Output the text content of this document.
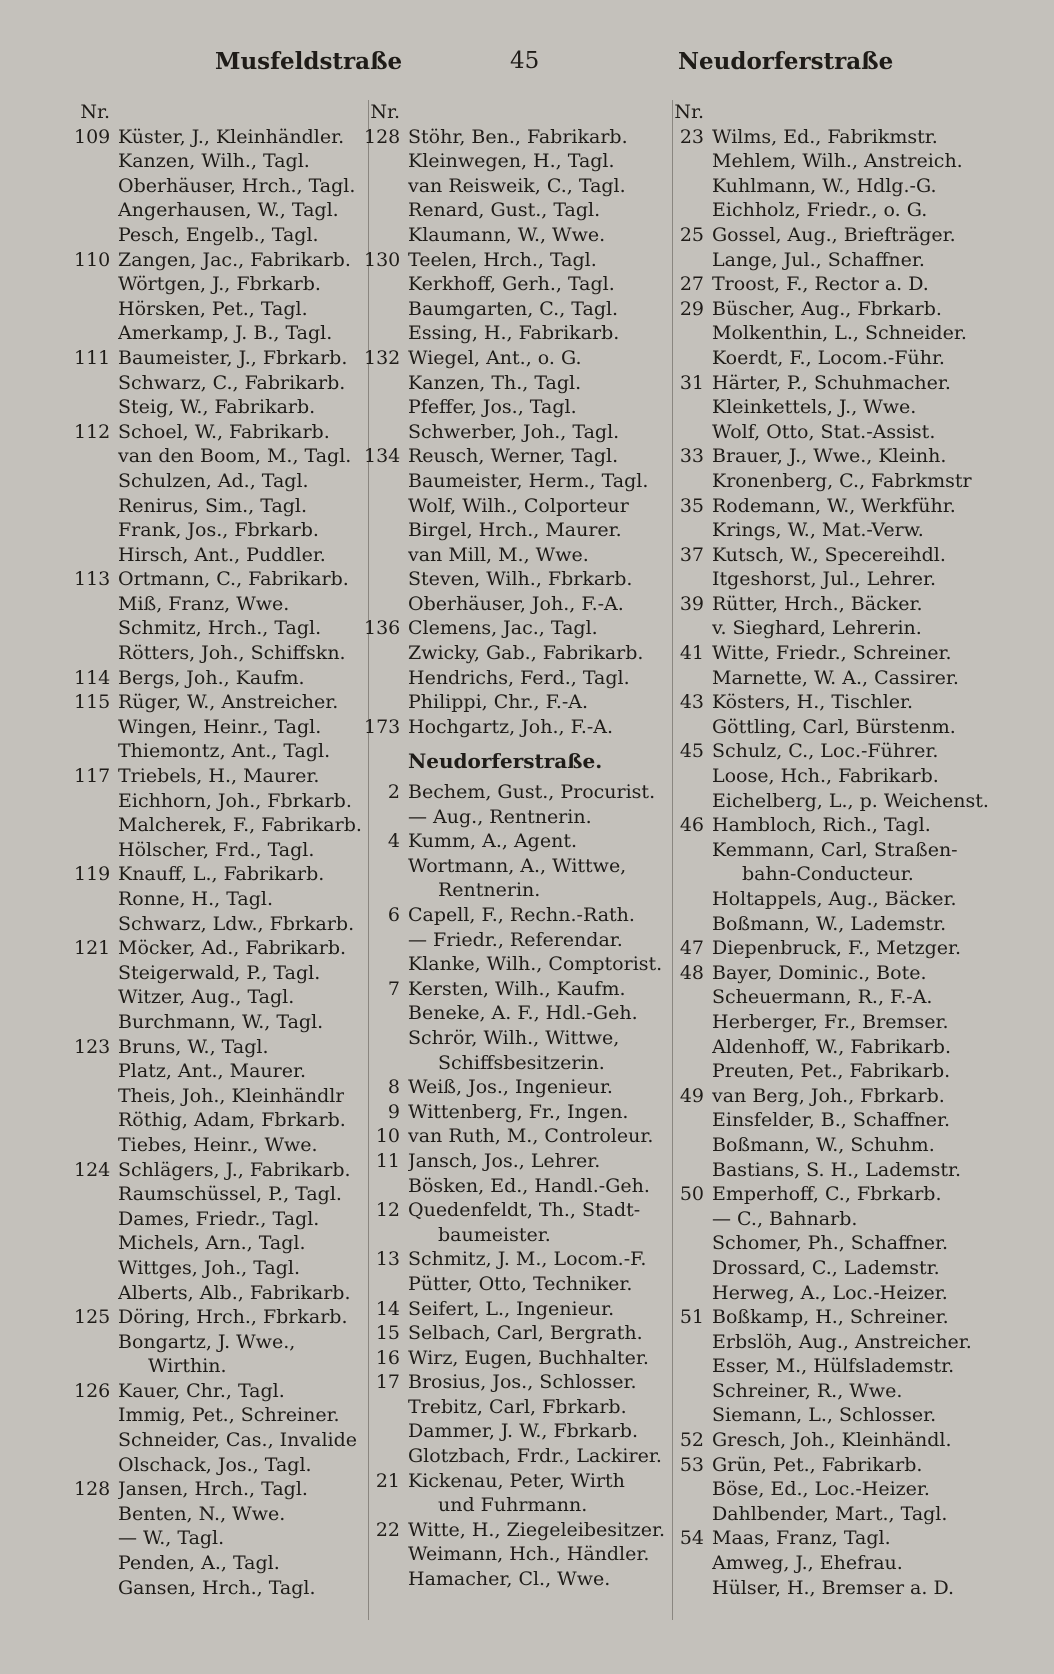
Musfeldstraße	45	Neudorferstraße
Nr.
109 Küster, J., Kleinhändler.
Kanzen, Wilh., Tagl.
Oberhäuser, Hrch., Tagl.
Angerhausen, W., Tagl.
Pesch, Engelb., Tagl.
110 Zangen, Jac., Fabrikarb.
Wörtgen, J., Fbrkarb.
Hörsken, Pet., Tagl.
Amerkamp, J. B., Tagl.
111 Baumeister, J., Fbrkarb.
Schwarz, C., Fabrikarb.
Steig, W., Fabrikarb.
112 Schoel, W., Fabrikarb.
van den Boom, M., Tagl.
Schulzen, Ad., Tagl.
Renirus, Sim., Tagl.
Frank, Jos., Fbrkarb.
Hirsch, Ant., Puddler.
113 Ortmann, C., Fabrikarb.
Miß, Franz, Wwe.
Schmitz, Hrch., Tagl.
Rötters, Joh., Schiffskn.
114 Bergs, Joh., Kaufm.
115 Rüger, W., Anstreicher.
Wingen, Heinr., Tagl.
Thiemontz, Ant., Tagl.
117 Triebels, H., Maurer.
Eichhorn, Joh., Fbrkarb.
Malcherek, F., Fabrikarb.
Hölscher, Frd., Tagl.
119 Knauff, L., Fabrikarb.
Ronne, H., Tagl.
Schwarz, Ldw., Fbrkarb.
121 Möcker, Ad., Fabrikarb.
Steigerwald, P., Tagl.
Witzer, Aug., Tagl.
Burchmann, W., Tagl.
123 Bruns, W., Tagl.
Platz, Ant., Maurer.
Theis, Joh., Kleinhändlr
Röthig, Adam, Fbrkarb.
Tiebes, Heinr., Wwe.
124 Schlägers, J., Fabrikarb.
Raumschüssel, P., Tagl.
Dames, Friedr., Tagl.
Michels, Arn., Tagl.
Wittges, Joh., Tagl.
Alberts, Alb., Fabrikarb.
125 Döring, Hrch., Fbrkarb.
Bongartz, J. Wwe.,
Wirthin.
126 Kauer, Chr., Tagl.
Immig, Pet., Schreiner.
Schneider, Cas., Invalide
Olschack, Jos., Tagl.
128 Jansen, Hrch., Tagl.
Benten, N., Wwe.
— W., Tagl.
Penden, A., Tagl.
Gansen, Hrch., Tagl.
Nr.
128 Stöhr, Ben., Fabrikarb.
Kleinwegen, H., Tagl.
van Reisweik, C., Tagl.
Renard, Gust., Tagl.
Klaumann, W., Wwe.
130 Teelen, Hrch., Tagl.
Kerkhoff, Gerh., Tagl.
Baumgarten, C., Tagl.
Essing, H., Fabrikarb.
132 Wiegel, Ant., o. G.
Kanzen, Th., Tagl.
Pfeffer, Jos., Tagl.
Schwerber, Joh., Tagl.
134 Reusch, Werner, Tagl.
Baumeister, Herm., Tagl.
Wolf, Wilh., Colporteur
Birgel, Hrch., Maurer.
van Mill, M., Wwe.
Steven, Wilh., Fbrkarb.
Oberhäuser, Joh., F.-A.
136 Clemens, Jac., Tagl.
Zwicky, Gab., Fabrikarb.
Hendrichs, Ferd., Tagl.
Philippi, Chr., F.-A.
173 Hochgartz, Joh., F.-A.
Neudorferstraße.
2 Bechem, Gust., Procurist.
— Aug., Rentnerin.
4 Kumm, A., Agent.
Wortmann, A., Wittwe,
Rentnerin.
6 Capell, F., Rechn.-Rath.
— Friedr., Referendar.
Klanke, Wilh., Comptorist.
7 Kersten, Wilh., Kaufm.
Beneke, A. F., Hdl.-Geh.
Schrör, Wilh., Wittwe,
Schiffsbesitzerin.
8 Weiß, Jos., Ingenieur.
9 Wittenberg, Fr., Ingen.
10 van Ruth, M., Controleur.
11 Jansch, Jos., Lehrer.
Bösken, Ed., Handl.-Geh.
12 Quedenfeldt, Th., Stadt-
baumeister.
13 Schmitz, J. M., Locom.-F.
Pütter, Otto, Techniker.
14 Seifert, L., Ingenieur.
15 Selbach, Carl, Bergrath.
16 Wirz, Eugen, Buchhalter.
17 Brosius, Jos., Schlosser.
Trebitz, Carl, Fbrkarb.
Dammer, J. W., Fbrkarb.
Glotzbach, Frdr., Lackirer.
21 Kickenau, Peter, Wirth
und Fuhrmann.
22 Witte, H., Ziegeleibesitzer.
Weimann, Hch., Händler.
Hamacher, Cl., Wwe.
Nr.
23 Wilms, Ed., Fabrikmstr.
Mehlem, Wilh., Anstreich.
Kuhlmann, W., Hdlg.-G.
Eichholz, Friedr., o. G.
25 Gossel, Aug., Briefträger.
Lange, Jul., Schaffner.
27 Troost, F., Rector a. D.
29 Büscher, Aug., Fbrkarb.
Molkenthin, L., Schneider.
Koerdt, F., Locom.-Führ.
31 Härter, P., Schuhmacher.
Kleinkettels, J., Wwe.
Wolf, Otto, Stat.-Assist.
33 Brauer, J., Wwe., Kleinh.
Kronenberg, C., Fabrkmstr
35 Rodemann, W., Werkführ.
Krings, W., Mat.-Verw.
37 Kutsch, W., Specereihdl.
Itgeshorst, Jul., Lehrer.
39 Rütter, Hrch., Bäcker.
v. Sieghard, Lehrerin.
41 Witte, Friedr., Schreiner.
Marnette, W. A., Cassirer.
43 Kösters, H., Tischler.
Göttling, Carl, Bürstenm.
45 Schulz, C., Loc.-Führer.
Loose, Hch., Fabrikarb.
Eichelberg, L., p. Weichenst.
46 Hambloch, Rich., Tagl.
Kemmann, Carl, Straßen-
bahn-Conducteur.
Holtappels, Aug., Bäcker.
Boßmann, W., Lademstr.
47 Diepenbruck, F., Metzger.
48 Bayer, Dominic., Bote.
Scheuermann, R., F.-A.
Herberger, Fr., Bremser.
Aldenhoff, W., Fabrikarb.
Preuten, Pet., Fabrikarb.
49 van Berg, Joh., Fbrkarb.
Einsfelder, B., Schaffner.
Boßmann, W., Schuhm.
Bastians, S. H., Lademstr.
50 Emperhoff, C., Fbrkarb.
— C., Bahnarb.
Schomer, Ph., Schaffner.
Drossard, C., Lademstr.
Herweg, A., Loc.-Heizer.
51 Boßkamp, H., Schreiner.
Erbslöh, Aug., Anstreicher.
Esser, M., Hülfslademstr.
Schreiner, R., Wwe.
Siemann, L., Schlosser.
52 Gresch, Joh., Kleinhändl.
53 Grün, Pet., Fabrikarb.
Böse, Ed., Loc.-Heizer.
Dahlbender, Mart., Tagl.
54 Maas, Franz, Tagl.
Amweg, J., Ehefrau.
Hülser, H., Bremser a. D.
